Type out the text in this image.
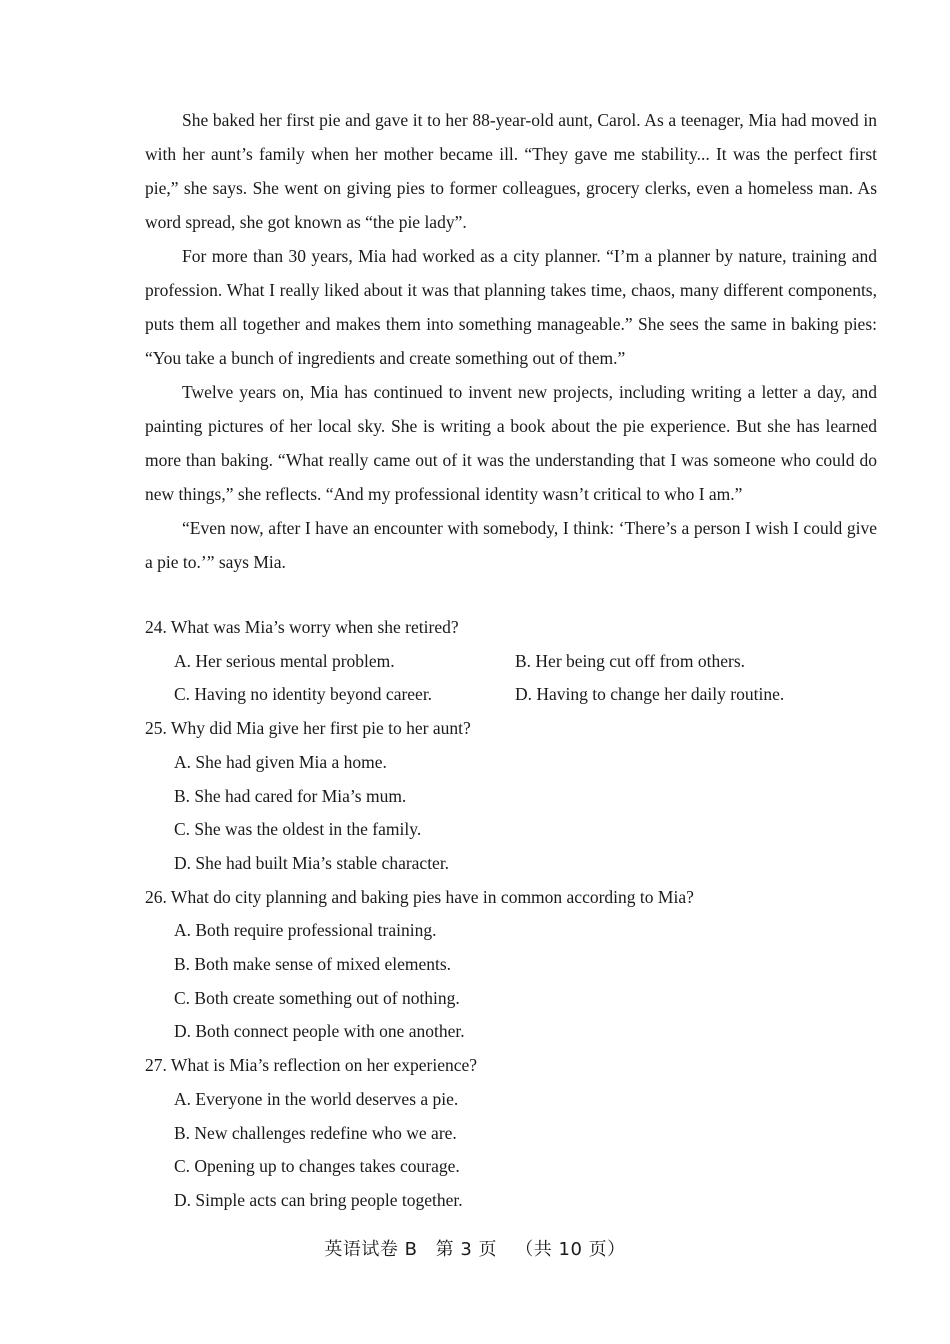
She baked her first pie and gave it to her 88-year-old aunt, Carol. As a teenager, Mia had moved in with her aunt’s family when her mother became ill. “They gave me stability... It was the perfect first pie,” she says. She went on giving pies to former colleagues, grocery clerks, even a homeless man. As word spread, she got known as “the pie lady”.

For more than 30 years, Mia had worked as a city planner. “I’m a planner by nature, training and profession. What I really liked about it was that planning takes time, chaos, many different components, puts them all together and makes them into something manageable.” She sees the same in baking pies: “You take a bunch of ingredients and create something out of them.”

Twelve years on, Mia has continued to invent new projects, including writing a letter a day, and painting pictures of her local sky. She is writing a book about the pie experience. But she has learned more than baking. “What really came out of it was the understanding that I was someone who could do new things,” she reflects. “And my professional identity wasn’t critical to who I am.”

“Even now, after I have an encounter with somebody, I think: ‘There’s a person I wish I could give a pie to.’” says Mia.

24. What was Mia’s worry when she retired?

A. Her serious mental problem.	B. Her being cut off from others.

C. Having no identity beyond career.	D. Having to change her daily routine.

25. Why did Mia give her first pie to her aunt?

A. She had given Mia a home.

B. She had cared for Mia’s mum.

C. She was the oldest in the family.

D. She had built Mia’s stable character.

26. What do city planning and baking pies have in common according to Mia?

A. Both require professional training.

B. Both make sense of mixed elements.

C. Both create something out of nothing.

D. Both connect people with one another.

27. What is Mia’s reflection on her experience?

A. Everyone in the world deserves a pie.

B. New challenges redefine who we are.

C. Opening up to changes takes courage.

D. Simple acts can bring people together.

英语试卷 B 第 3 页 （共 10 页）
